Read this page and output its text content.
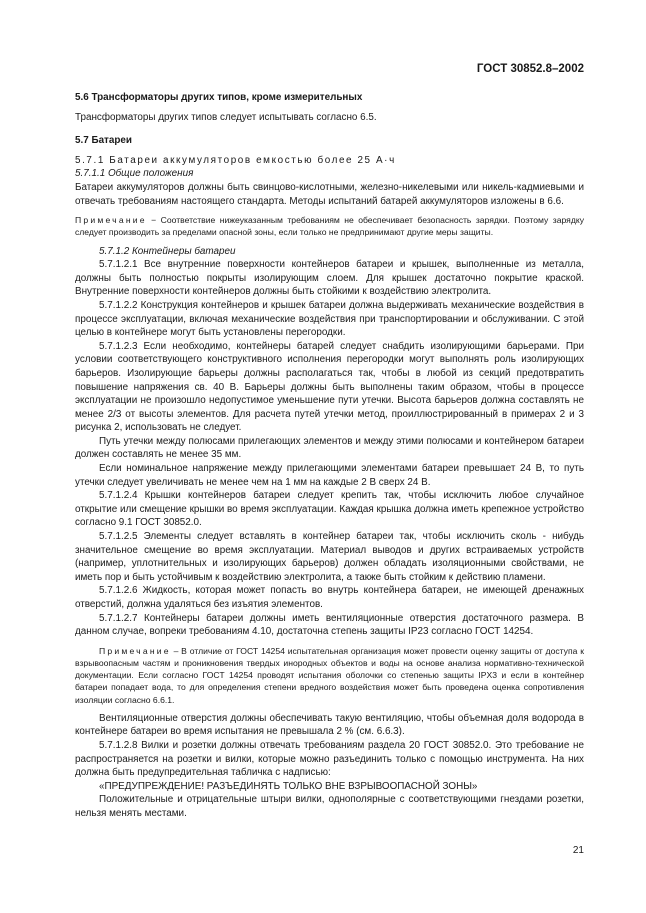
ГОСТ 30852.8–2002

5.6 Трансформаторы других типов, кроме измерительных

Трансформаторы других типов следует испытывать согласно 6.5.

5.7 Батареи

5.7.1 Батареи аккумуляторов емкостью более 25 А·ч

5.7.1.1 Общие положения

Батареи аккумуляторов должны быть свинцово-кислотными, железно-никелевыми или никель-кадмиевыми и отвечать требованиям настоящего стандарта. Методы испытаний батарей аккумуляторов изложены в 6.6.

Примечание − Соответствие нижеуказанным требованиям не обеспечивает безопасность зарядки. Поэтому зарядку следует производить за пределами опасной зоны, если только не предпринимают другие меры защиты.

5.7.1.2 Контейнеры батареи

5.7.1.2.1 Все внутренние поверхности контейнеров батареи и крышек, выполненные из металла, должны быть полностью покрыты изолирующим слоем. Для крышек достаточно покрытие краской. Внутренние поверхности контейнеров должны быть стойкими к воздействию электролита.

5.7.1.2.2 Конструкция контейнеров и крышек батареи должна выдерживать механические воздействия в процессе эксплуатации, включая механические воздействия при транспортировании и обслуживании. С этой целью в контейнере могут быть установлены перегородки.

5.7.1.2.3 Если необходимо, контейнеры батарей следует снабдить изолирующими барьерами. При условии соответствующего конструктивного исполнения перегородки могут выполнять роль изолирующих барьеров. Изолирующие барьеры должны располагаться так, чтобы в любой из секций предотвратить повышение напряжения св. 40 В. Барьеры должны быть выполнены таким образом, чтобы в процессе эксплуатации не произошло недопустимое уменьшение пути утечки. Высота барьеров должна составлять не менее 2/3 от высоты элементов. Для расчета путей утечки метод, проиллюстрированный в примерах 2 и 3 рисунка 2, использовать не следует.

Путь утечки между полюсами прилегающих элементов и между этими полюсами и контейнером батареи должен составлять не менее 35 мм.

Если номинальное напряжение между прилегающими элементами батареи превышает 24 В, то путь утечки следует увеличивать не менее чем на 1 мм на каждые 2 В сверх 24 В.

5.7.1.2.4 Крышки контейнеров батареи следует крепить так, чтобы исключить любое случайное открытие или смещение крышки во время эксплуатации. Каждая крышка должна иметь крепежное устройство согласно 9.1 ГОСТ 30852.0.

5.7.1.2.5 Элементы следует вставлять в контейнер батареи так, чтобы исключить сколь - нибудь значительное смещение во время эксплуатации. Материал выводов и других встраиваемых устройств (например, уплотнительных и изолирующих барьеров) должен обладать изоляционными свойствами, не иметь пор и быть устойчивым к воздействию электролита, а также быть стойким к действию пламени.

5.7.1.2.6 Жидкость, которая может попасть во внутрь контейнера батареи, не имеющей дренажных отверстий, должна удаляться без изъятия элементов.

5.7.1.2.7 Контейнеры батареи должны иметь вентиляционные отверстия достаточного размера. В данном случае, вопреки требованиям 4.10, достаточна степень защиты IP23 согласно ГОСТ 14254.

Примечание – В отличие от ГОСТ 14254 испытательная организация может провести оценку защиты от доступа к взрывоопасным частям и проникновения твердых инородных объектов и воды на основе анализа нормативно-технической документации. Если согласно ГОСТ 14254 проводят испытания оболочки со степенью защиты IPX3 и если в контейнер батареи попадает вода, то для определения степени вредного воздействия может быть проведена оценка сопротивления изоляции согласно 6.6.1.

Вентиляционные отверстия должны обеспечивать такую вентиляцию, чтобы объемная доля водорода в контейнере батареи во время испытания не превышала 2 % (см. 6.6.3).

5.7.1.2.8 Вилки и розетки должны отвечать требованиям раздела 20 ГОСТ 30852.0. Это требование не распространяется на розетки и вилки, которые можно разъединить только с помощью инструмента. На них должна быть предупредительная табличка с надписью:

«ПРЕДУПРЕЖДЕНИЕ! РАЗЪЕДИНЯТЬ ТОЛЬКО ВНЕ ВЗРЫВООПАСНОЙ ЗОНЫ»

Положительные и отрицательные штыри вилки, однополярные с соответствующими гнездами розетки, нельзя менять местами.

21
